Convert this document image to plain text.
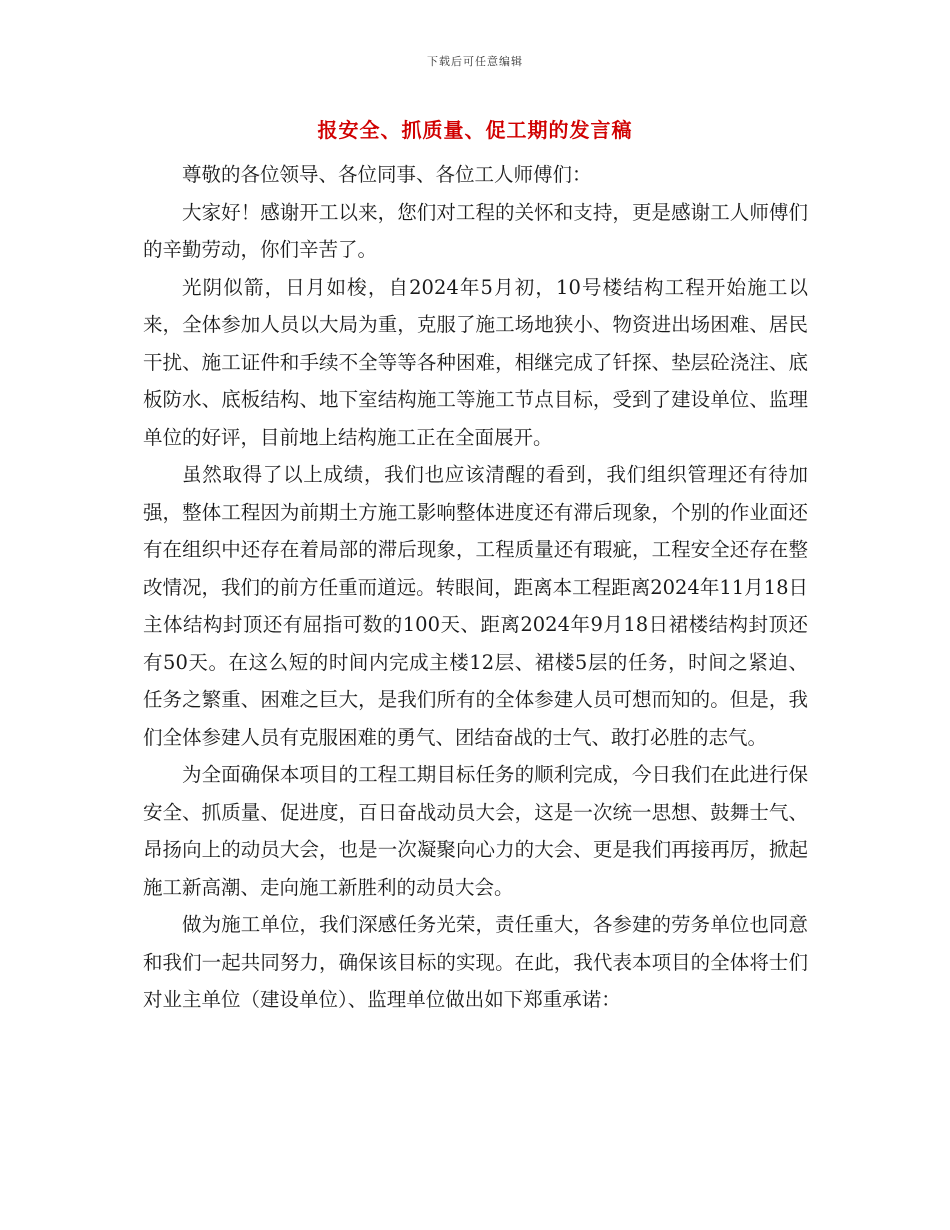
下载后可任意编辑
报安全、抓质量、促工期的发言稿

尊敬的各位领导、各位同事、各位工人师傅们：

大家好！感谢开工以来，您们对工程的关怀和支持，更是感谢工人师傅们的辛勤劳动，你们辛苦了。

光阴似箭，日月如梭，自2024年5月初，10号楼结构工程开始施工以来，全体参加人员以大局为重，克服了施工场地狭小、物资进出场困难、居民干扰、施工证件和手续不全等等各种困难，相继完成了钎探、垫层砼浇注、底板防水、底板结构、地下室结构施工等施工节点目标，受到了建设单位、监理单位的好评，目前地上结构施工正在全面展开。

虽然取得了以上成绩，我们也应该清醒的看到，我们组织管理还有待加强，整体工程因为前期土方施工影响整体进度还有滞后现象，个别的作业面还有在组织中还存在着局部的滞后现象，工程质量还有瑕疵，工程安全还存在整改情况，我们的前方任重而道远。转眼间，距离本工程距离2024年11月18日主体结构封顶还有屈指可数的100天、距离2024年9月18日裙楼结构封顶还有50天。在这么短的时间内完成主楼12层、裙楼5层的任务，时间之紧迫、任务之繁重、困难之巨大，是我们所有的全体参建人员可想而知的。但是，我们全体参建人员有克服困难的勇气、团结奋战的士气、敢打必胜的志气。

为全面确保本项目的工程工期目标任务的顺利完成，今日我们在此进行保安全、抓质量、促进度，百日奋战动员大会，这是一次统一思想、鼓舞士气、昂扬向上的动员大会，也是一次凝聚向心力的大会、更是我们再接再厉，掀起施工新高潮、走向施工新胜利的动员大会。

做为施工单位，我们深感任务光荣，责任重大，各参建的劳务单位也同意和我们一起共同努力，确保该目标的实现。在此，我代表本项目的全体将士们对业主单位（建设单位）、监理单位做出如下郑重承诺：
